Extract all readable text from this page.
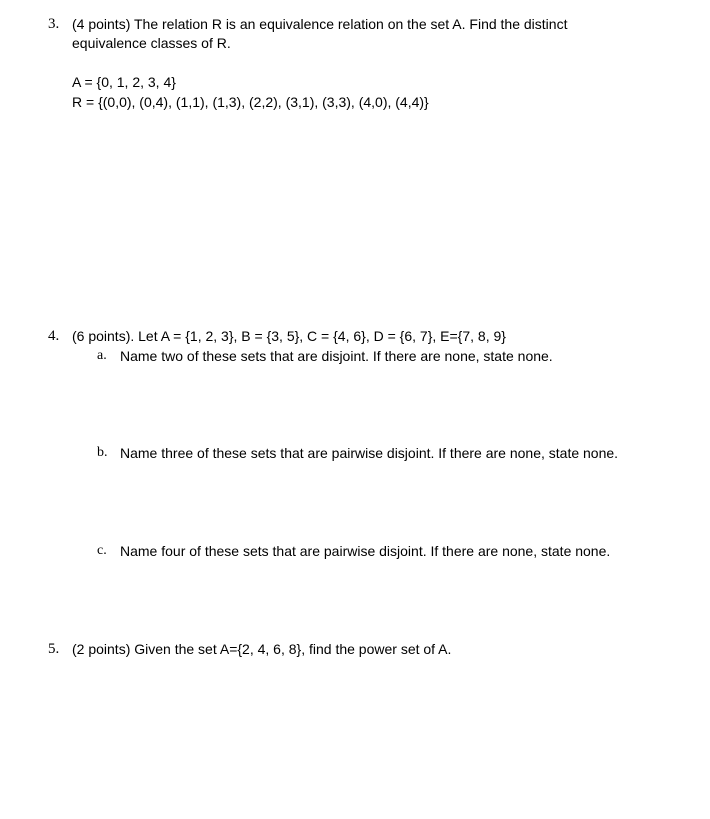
3. (4 points) The relation R is an equivalence relation on the set A. Find the distinct
equivalence classes of R.
A = {0, 1, 2, 3, 4}
R = {(0,0), (0,4), (1,1), (1,3), (2,2), (3,1), (3,3), (4,0), (4,4)}
4. (6 points). Let A = {1, 2, 3}, B = {3, 5}, C = {4, 6}, D = {6, 7}, E={7, 8, 9}
a. Name two of these sets that are disjoint. If there are none, state none.
b. Name three of these sets that are pairwise disjoint. If there are none, state none.
c. Name four of these sets that are pairwise disjoint. If there are none, state none.
5. (2 points) Given the set A={2, 4, 6, 8}, find the power set of A.
